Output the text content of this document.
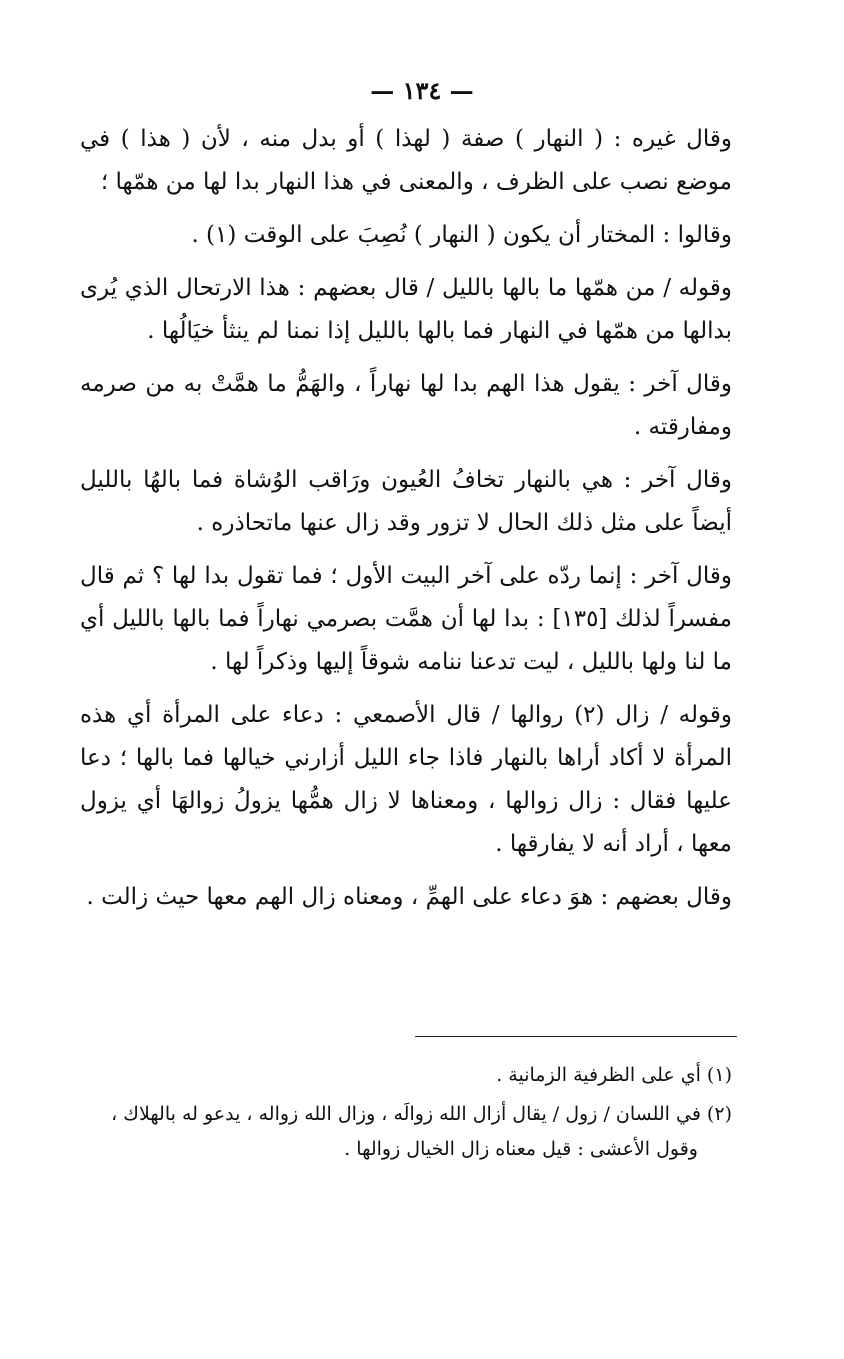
— ١٣٤ —

وقال غيره : ( النهار ) صفة ( لهذا ) أو بدل منه ، لأن ( هذا ) في موضع نصب على الظرف ، والمعنى في هذا النهار بدا لها من همّها ؛

وقالوا : المختار أن يكون ( النهار ) نُصِبَ على الوقت (١) .

وقوله / من همّها ما بالها بالليل / قال بعضهم : هذا الارتحال الذي يُرى بدالها من همّها في النهار فما بالها بالليل إذا نمنا لم ينثأ خيَالُها .

وقال آخر : يقول هذا الهم بدا لها نهاراً ، والهَمُّ ما همَّتْ به من صرمه ومفارقته .

وقال آخر : هي بالنهار تخافُ العُيون ورَاقب الوُشاة فما بالهُا بالليل أيضاً على مثل ذلك الحال لا تزور وقد زال عنها ماتحاذره .

وقال آخر : إنما ردّه على آخر البيت الأول ؛ فما تقول بدا لها ؟ ثم قال مفسراً لذلك [١٣٥] : بدا لها أن همَّت بصرمي نهاراً فما بالها بالليل أي ما لنا ولها بالليل ، ليت تدعنا ننامه شوقاً إليها وذكراً لها .

وقوله / زال (٢) روالها / قال الأصمعي : دعاء على المرأة أي هذه المرأة لا أكاد أراها بالنهار فاذا جاء الليل أزارني خيالها فما بالها ؛ دعا عليها فقال : زال زوالها ، ومعناها لا زال همُّها يزولُ زوالهَا أي يزول معها ، أراد أنه لا يفارقها .

وقال بعضهم : هوَ دعاء على الهمِّ ، ومعناه زال الهم معها حيث زالت .

(١) أي على الظرفية الزمانية .
(٢) في اللسان / زول / يقال أزال الله زوالَه ، وزال الله زواله ، يدعو له بالهلاك ،
وقول الأعشى : قيل معناه زال الخيال زوالها .
